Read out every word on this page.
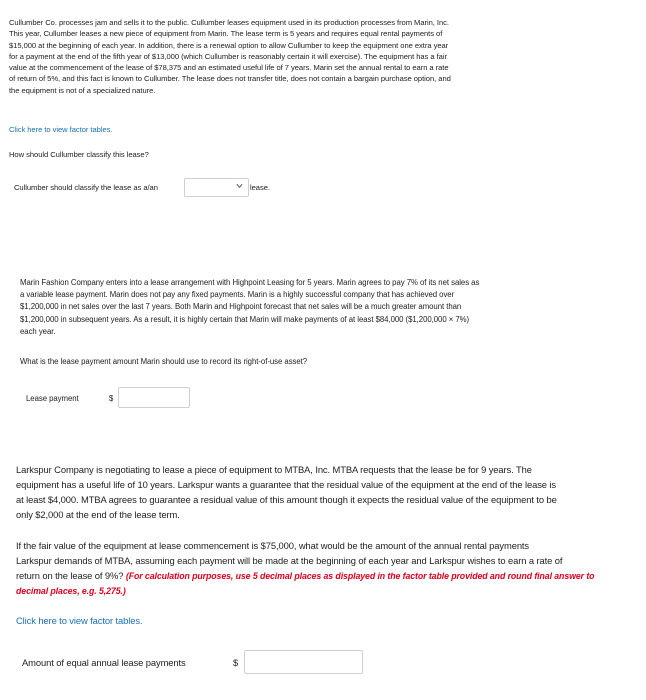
Cullumber Co. processes jam and sells it to the public. Cullumber leases equipment used in its production processes from Marin, Inc.
This year, Cullumber leases a new piece of equipment from Marin. The lease term is 5 years and requires equal rental payments of
$15,000 at the beginning of each year. In addition, there is a renewal option to allow Cullumber to keep the equipment one extra year
for a payment at the end of the fifth year of $13,000 (which Cullumber is reasonably certain it will exercise). The equipment has a fair
value at the commencement of the lease of $78,375 and an estimated useful life of 7 years. Marin set the annual rental to earn a rate
of return of 5%, and this fact is known to Cullumber. The lease does not transfer title, does not contain a bargain purchase option, and
the equipment is not of a specialized nature.
Click here to view factor tables.
How should Cullumber classify this lease?
Cullumber should classify the lease as a/an	lease.
Marin Fashion Company enters into a lease arrangement with Highpoint Leasing for 5 years. Marin agrees to pay 7% of its net sales as
a variable lease payment. Marin does not pay any fixed payments. Marin is a highly successful company that has achieved over
$1,200,000 in net sales over the last 7 years. Both Marin and Highpoint forecast that net sales will be a much greater amount than
$1,200,000 in subsequent years. As a result, it is highly certain that Marin will make payments of at least $84,000 ($1,200,000 × 7%)
each year.
What is the lease payment amount Marin should use to record its right-of-use asset?
Lease payment	$
Larkspur Company is negotiating to lease a piece of equipment to MTBA, Inc. MTBA requests that the lease be for 9 years. The
equipment has a useful life of 10 years. Larkspur wants a guarantee that the residual value of the equipment at the end of the lease is
at least $4,000. MTBA agrees to guarantee a residual value of this amount though it expects the residual value of the equipment to be
only $2,000 at the end of the lease term.
If the fair value of the equipment at lease commencement is $75,000, what would be the amount of the annual rental payments
Larkspur demands of MTBA, assuming each payment will be made at the beginning of each year and Larkspur wishes to earn a rate of
return on the lease of 9%? (For calculation purposes, use 5 decimal places as displayed in the factor table provided and round final answer to
decimal places, e.g. 5,275.)
Click here to view factor tables.
Amount of equal annual lease payments	$
